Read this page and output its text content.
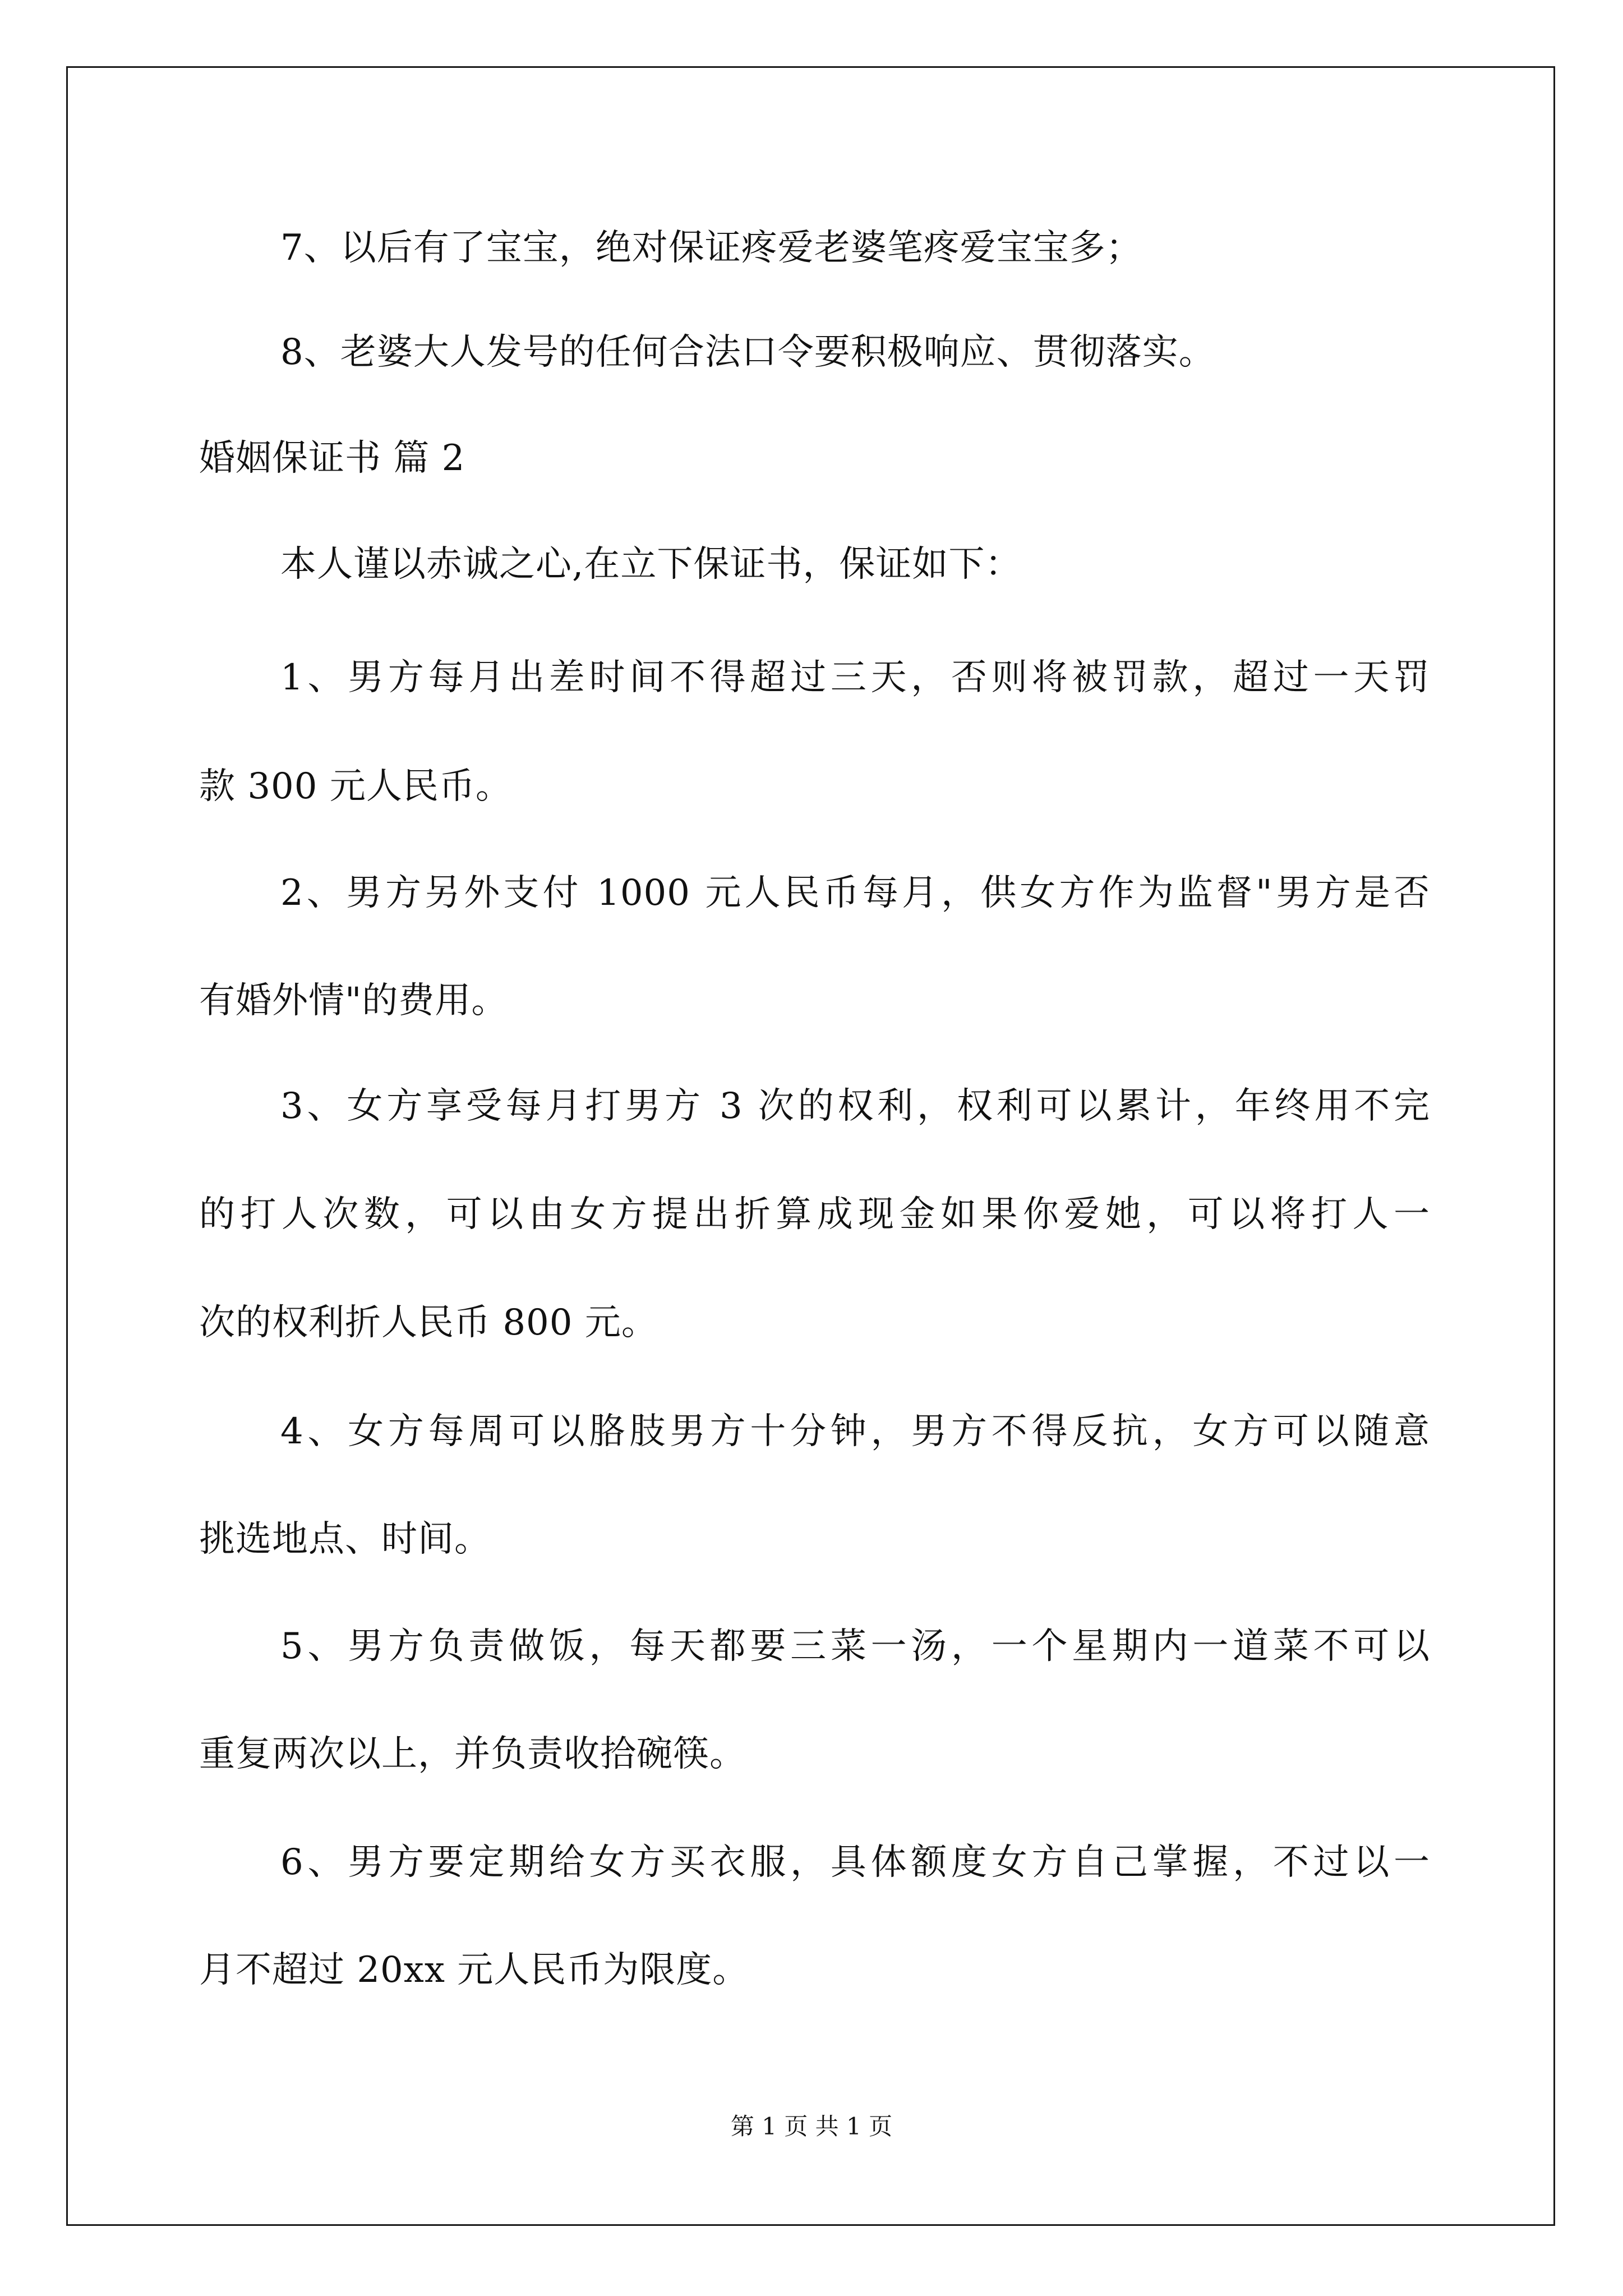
7、以后有了宝宝，绝对保证疼爱老婆笔疼爱宝宝多；

8、老婆大人发号的任何合法口令要积极响应、贯彻落实。

婚姻保证书 篇 2

本人谨以赤诚之心,在立下保证书，保证如下：

1、男方每月出差时间不得超过三天，否则将被罚款，超过一天罚

款 300 元人民币。

2、男方另外支付 1000 元人民币每月，供女方作为监督"男方是否

有婚外情"的费用。

3、女方享受每月打男方 3 次的权利，权利可以累计，年终用不完

的打人次数，可以由女方提出折算成现金如果你爱她，可以将打人一

次的权利折人民币 800 元。

4、女方每周可以胳肢男方十分钟，男方不得反抗，女方可以随意

挑选地点、时间。

5、男方负责做饭，每天都要三菜一汤，一个星期内一道菜不可以

重复两次以上，并负责收拾碗筷。

6、男方要定期给女方买衣服，具体额度女方自己掌握，不过以一

月不超过 20xx 元人民币为限度。

第 1 页 共 1 页
